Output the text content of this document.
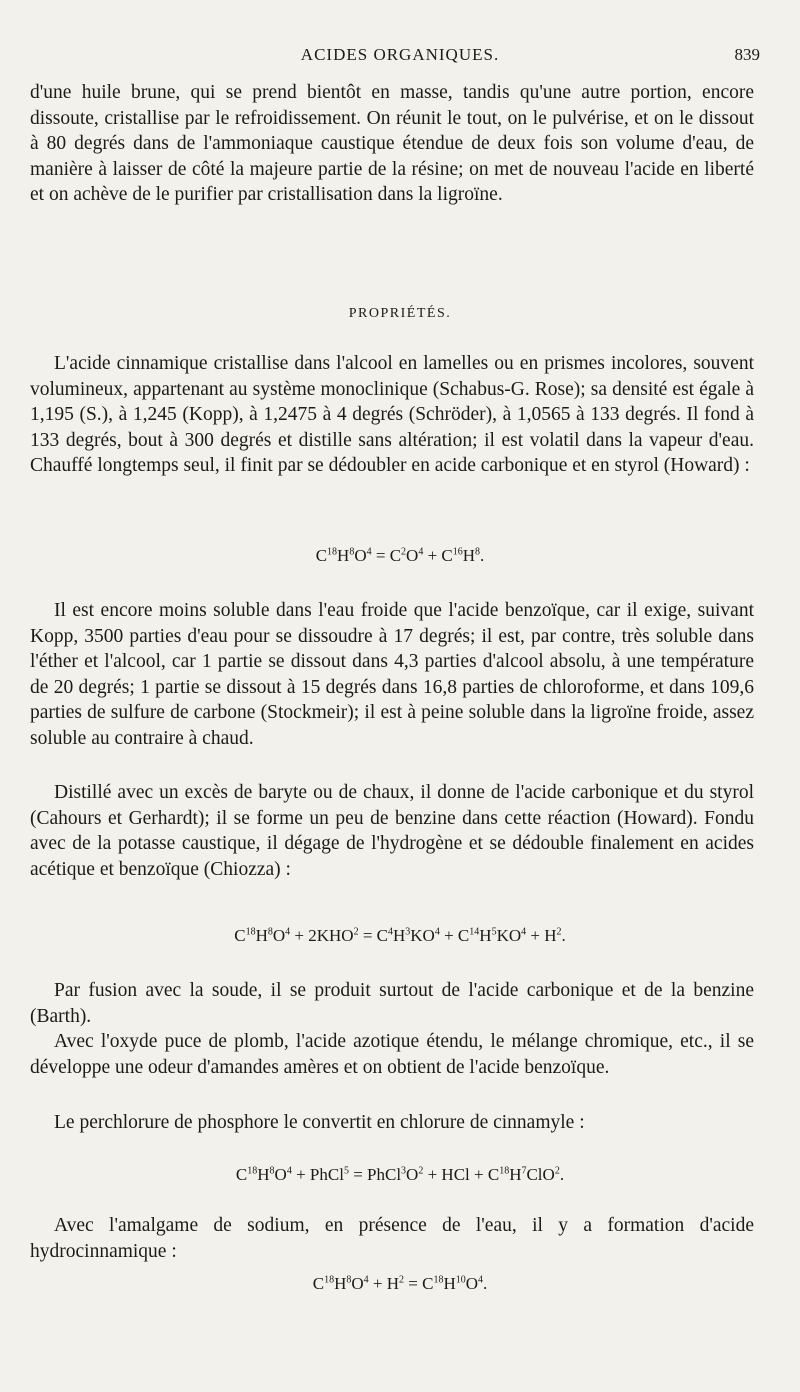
ACIDES ORGANIQUES.	839

d'une huile brune, qui se prend bientôt en masse, tandis qu'une autre portion, encore dissoute, cristallise par le refroidissement. On réunit le tout, on le pulvérise, et on le dissout à 80 degrés dans de l'ammoniaque caustique étendue de deux fois son volume d'eau, de manière à laisser de côté la majeure partie de la résine; on met de nouveau l'acide en liberté et on achève de le purifier par cristallisation dans la ligroïne.

PROPRIÉTÉS.

L'acide cinnamique cristallise dans l'alcool en lamelles ou en prismes incolores, souvent volumineux, appartenant au système monoclinique (Schabus-G. Rose); sa densité est égale à 1,195 (S.), à 1,245 (Kopp), à 1,2475 à 4 degrés (Schröder), à 1,0565 à 133 degrés. Il fond à 133 degrés, bout à 300 degrés et distille sans altération; il est volatil dans la vapeur d'eau. Chauffé longtemps seul, il finit par se dédoubler en acide carbonique et en styrol (Howard) :

$C^{18}H^8O^4 = C^2O^4 + C^{16}H^8$.

Il est encore moins soluble dans l'eau froide que l'acide benzoïque, car il exige, suivant Kopp, 3500 parties d'eau pour se dissoudre à 17 degrés; il est, par contre, très soluble dans l'éther et l'alcool, car 1 partie se dissout dans 4,3 parties d'alcool absolu, à une température de 20 degrés; 1 partie se dissout à 15 degrés dans 16,8 parties de chloroforme, et dans 109,6 parties de sulfure de carbone (Stockmeir); il est à peine soluble dans la ligroïne froide, assez soluble au contraire à chaud.

Distillé avec un excès de baryte ou de chaux, il donne de l'acide carbonique et du styrol (Cahours et Gerhardt); il se forme un peu de benzine dans cette réaction (Howard). Fondu avec de la potasse caustique, il dégage de l'hydrogène et se dédouble finalement en acides acétique et benzoïque (Chiozza) :

$C^{18}H^8O^4 + 2KHO^2 = C^4H^3KO^4 + C^{14}H^5KO^4 + H^2$.

Par fusion avec la soude, il se produit surtout de l'acide carbonique et de la benzine (Barth).

Avec l'oxyde puce de plomb, l'acide azotique étendu, le mélange chromique, etc., il se développe une odeur d'amandes amères et on obtient de l'acide benzoïque.

Le perchlorure de phosphore le convertit en chlorure de cinnamyle :

$C^{18}H^8O^4$ + PhCl$^5$ = $PhCl^3O^2$ + HCl + $C^{18}H^7ClO^2$.

Avec l'amalgame de sodium, en présence de l'eau, il y a formation d'acide hydrocinnamique :

$C^{18}H^8O^4 + H^2 = C^{18}H^{10}O^4$.
